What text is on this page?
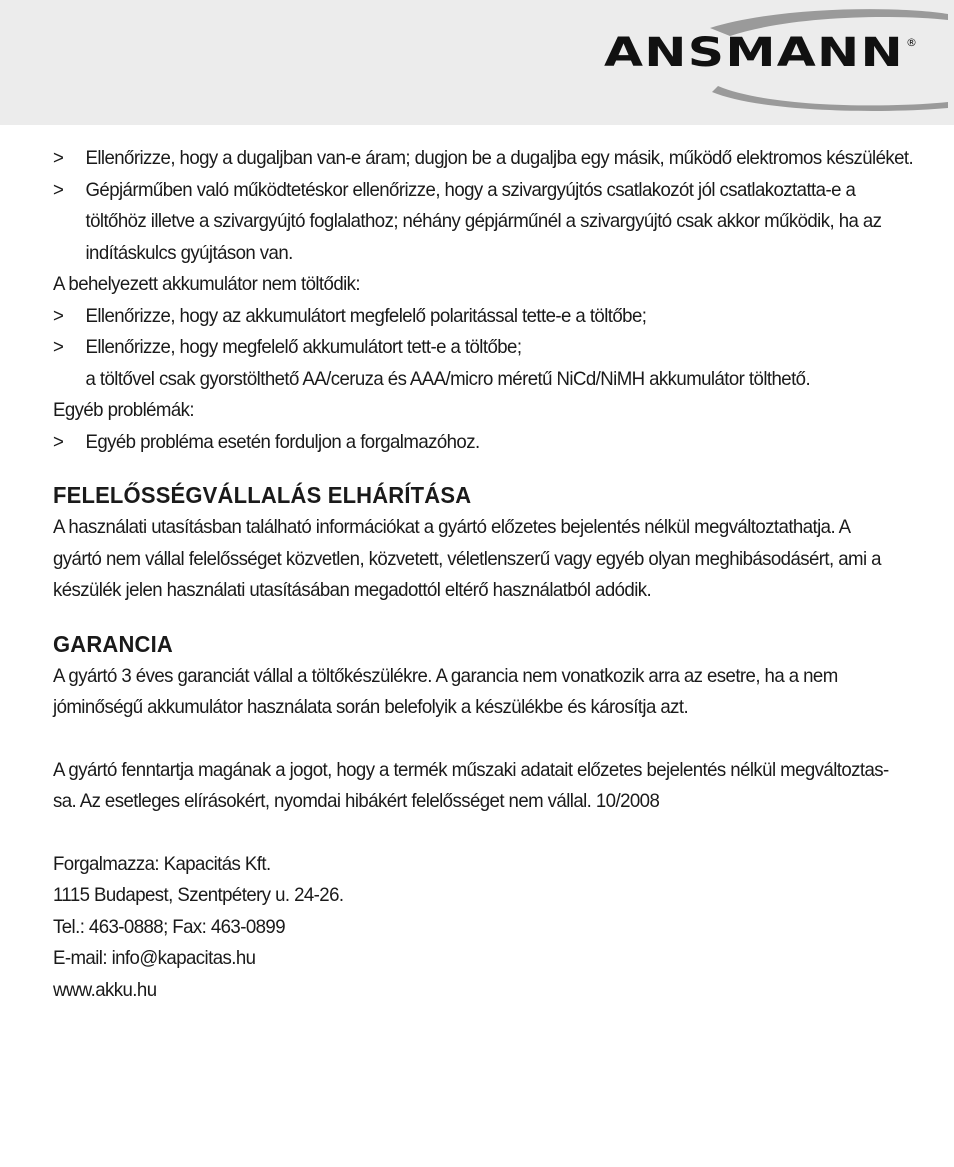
ANSMANN ®
>	Ellenőrizze, hogy a dugaljban van-e áram; dugjon be a dugaljba egy másik, működő elektromos készüléket.
>	Gépjárműben való működtetéskor ellenőrizze, hogy a szivargyújtós csatlakozót jól csatlakoztatta-e a
töltőhöz illetve a szivargyújtó foglalathoz; néhány gépjárműnél a szivargyújtó csak akkor működik, ha az
indításkulcs gyújtáson van.
A behelyezett akkumulátor nem töltődik:
>	Ellenőrizze, hogy az akkumulátort megfelelő polaritással tette-e a töltőbe;
>	Ellenőrizze, hogy megfelelő akkumulátort tett-e a töltőbe;
a töltővel csak gyorstölthető AA/ceruza és AAA/micro méretű NiCd/NiMH akkumulátor tölthető.
Egyéb problémák:
>	Egyéb probléma esetén forduljon a forgalmazóhoz.
FELELŐSSÉGVÁLLALÁS ELHÁRÍTÁSA
A használati utasításban található információkat a gyártó előzetes bejelentés nélkül megváltoztathatja. A
gyártó nem vállal felelősséget közvetlen, közvetett, véletlenszerű vagy egyéb olyan meghibásodásért, ami a
készülék jelen használati utasításában megadottól eltérő használatból adódik.
GARANCIA
A gyártó 3 éves garanciát vállal a töltőkészülékre. A garancia nem vonatkozik arra az esetre, ha a nem
jóminőségű akkumulátor használata során belefolyik a készülékbe és károsítja azt.
A gyártó fenntartja magának a jogot, hogy a termék műszaki adatait előzetes bejelentés nélkül megváltoztas-
sa. Az esetleges elírásokért, nyomdai hibákért felelősséget nem vállal. 10/2008
Forgalmazza: Kapacitás Kft.
1115 Budapest, Szentpétery u. 24-26.
Tel.: 463-0888; Fax: 463-0899
E-mail: info@kapacitas.hu
www.akku.hu
